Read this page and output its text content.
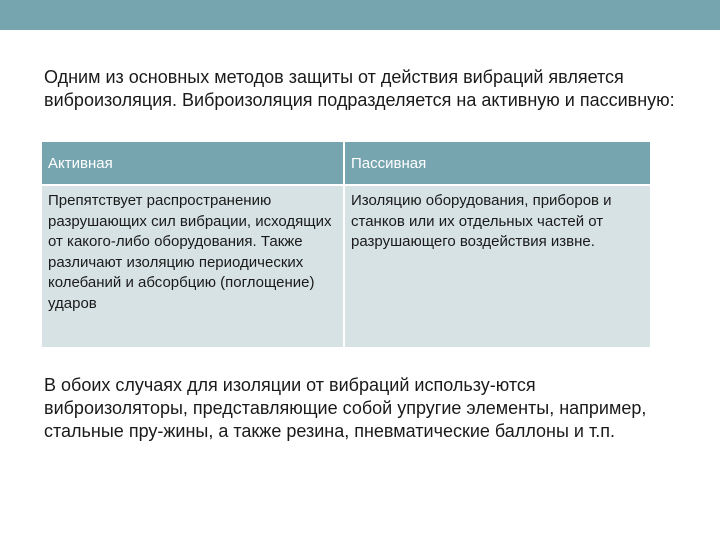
Одним из основных методов защиты от действия вибраций является виброизоляция. Виброизоляция подразделяется на активную и пассивную:

Активная	Пассивная
Препятствует распространению разрушающих сил вибрации, исходящих от какого-либо оборудования. Также различают изоляцию периодических колебаний и абсорбцию (поглощение) ударов	Изоляцию оборудования, приборов и станков или их отдельных частей от разрушающего воздействия извне.

В обоих случаях для изоляции от вибраций использу-ются виброизоляторы, представляющие собой упругие элементы, например, стальные пру-жины, а также резина, пневматические баллоны и т.п.
